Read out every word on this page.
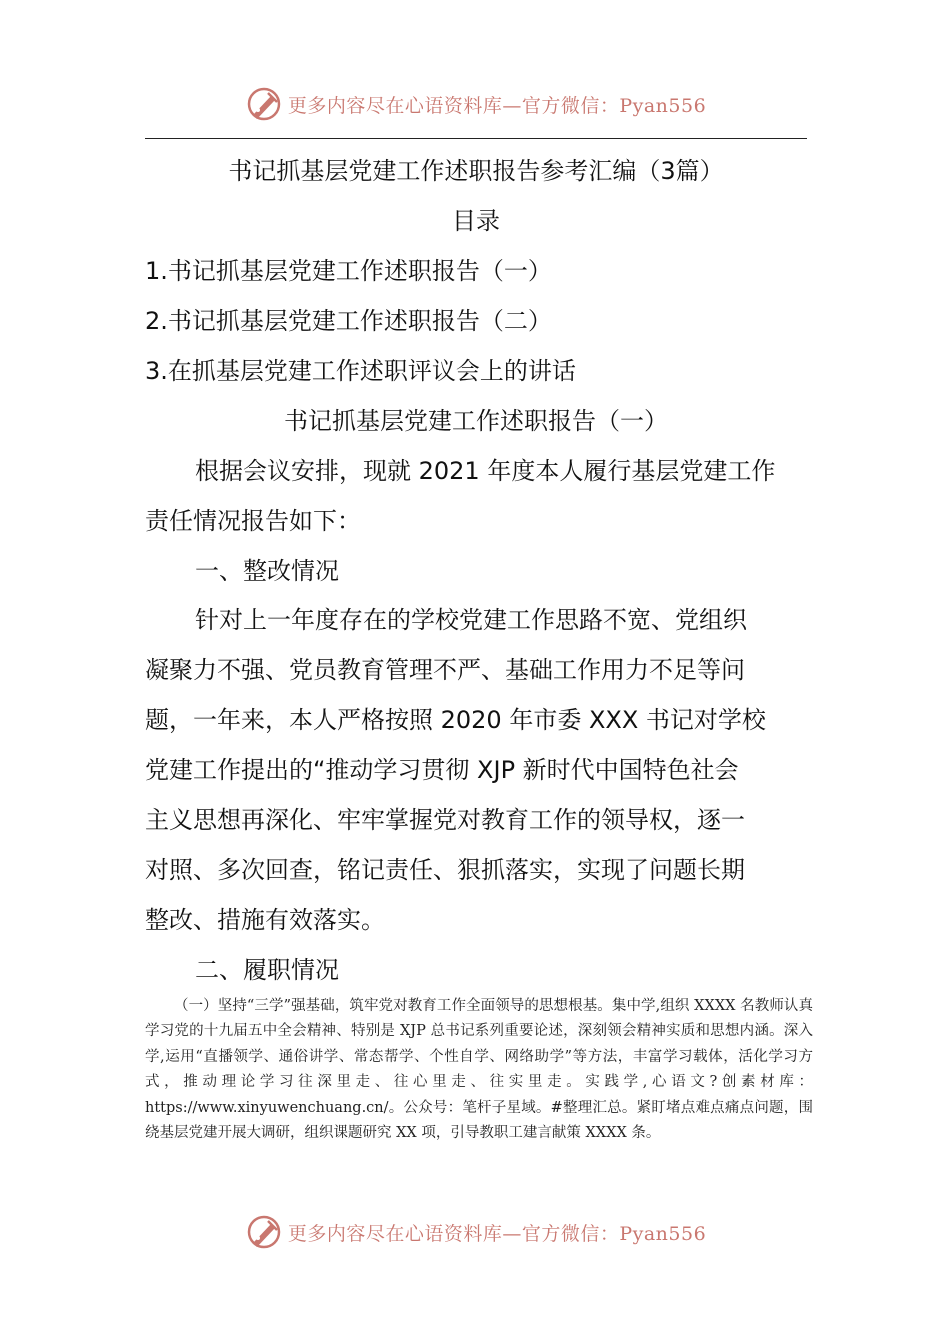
更多内容尽在心语资料库—官方微信：Pyan556
书记抓基层党建工作述职报告参考汇编（3篇）
目录
1.书记抓基层党建工作述职报告（一）
2.书记抓基层党建工作述职报告（二）
3.在抓基层党建工作述职评议会上的讲话
书记抓基层党建工作述职报告（一）
根据会议安排，现就 2021 年度本人履行基层党建工作
责任情况报告如下：
一、整改情况
针对上一年度存在的学校党建工作思路不宽、党组织
凝聚力不强、党员教育管理不严、基础工作用力不足等问
题，一年来，本人严格按照 2020 年市委 XXX 书记对学校
党建工作提出的“推动学习贯彻 XJP 新时代中国特色社会
主义思想再深化、牢牢掌握党对教育工作的领导权，逐一
对照、多次回查，铭记责任、狠抓落实，实现了问题长期
整改、措施有效落实。
二、履职情况

（一）坚持“三学”强基础，筑牢党对教育工作全面领导的思想根基。集中学,组织 XXXX 名教师认真学习党的十九届五中全会精神、特别是 XJP 总书记系列重要论述，深刻领会精神实质和思想内涵。深入学,运用“直播领学、通俗讲学、常态帮学、个性自学、网络助学”等方法，丰富学习载体，活化学习方式，推动理论学习往深里走、往心里走、往实里走。实践学,心语文?创素材库：https://www.xinyuwenchuang.cn/。公众号：笔杆子星域。#整理汇总。紧盯堵点难点痛点问题，围绕基层党建开展大调研，组织课题研究 XX 项，引导教职工建言献策 XXXX 条。

更多内容尽在心语资料库—官方微信：Pyan556
